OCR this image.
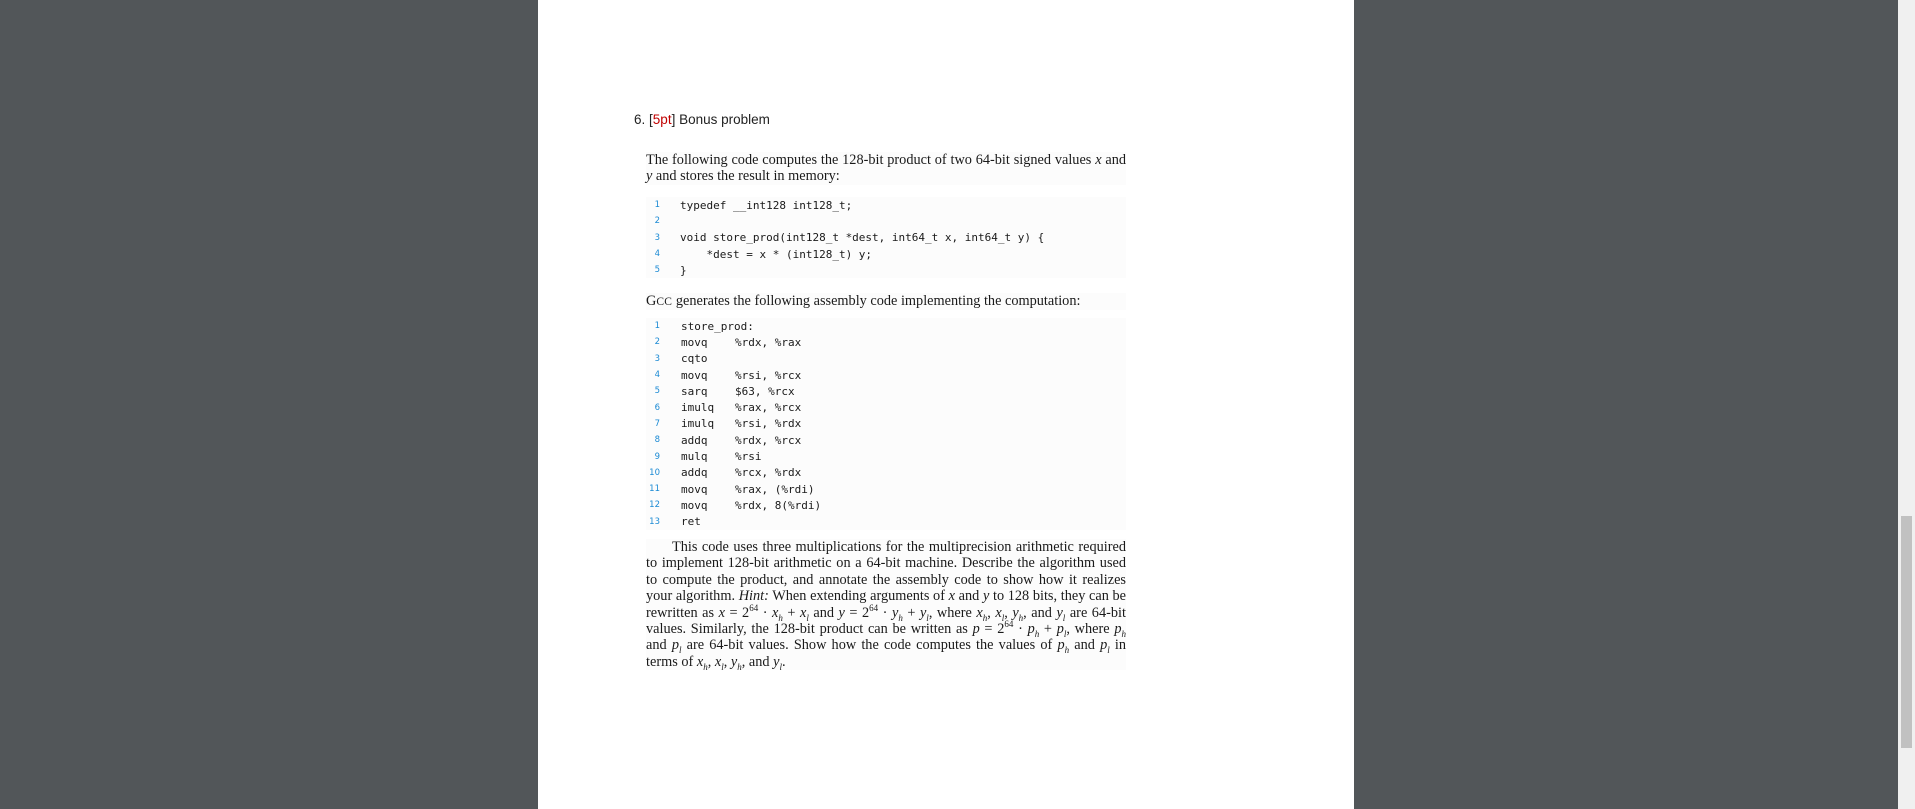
6. [5pt] Bonus problem
The following code computes the 128-bit product of two 64-bit signed values x and y and stores the result in memory:
1 typedef __int128 int128_t;
2
3 void store_prod(int128_t *dest, int64_t x, int64_t y) {
4 *dest = x * (int128_t) y;
5 }
GCC generates the following assembly code implementing the computation:
1 store_prod:
2 movq	%rdx, %rax
3 cqto
4 movq	%rsi, %rcx
5 sarq	$63, %rcx
6 imulq %rax, %rcx
7 imulq %rsi, %rdx
8 addq	%rdx, %rcx
9 mulq	%rsi
10 addq	%rcx, %rdx
11 movq	%rax, (%rdi)
12 movq	%rdx, 8(%rdi)
13 ret
This code uses three multiplications for the multiprecision arithmetic required to implement 128-bit arithmetic on a 64-bit machine. Describe the algorithm used to compute the product, and annotate the assembly code to show how it realizes your algorithm. Hint: When extending arguments of x and y to 128 bits, they can be rewritten as $x = 2^{64} \cdot x_h + x_l$ and $y = 2^{64} \cdot y_h + y_l$, where $x_h$, $x_l$, $y_h$, and $y_l$ are 64-bit values. Similarly, the 128-bit product can be written as $p = 2^{64} \cdot p_h + p_l$, where $p_h$ and $p_l$ are 64-bit values. Show how the code computes the values of $p_h$ and $p_l$ in terms of $x_h$, $x_l$, $y_h$, and $y_l$.
